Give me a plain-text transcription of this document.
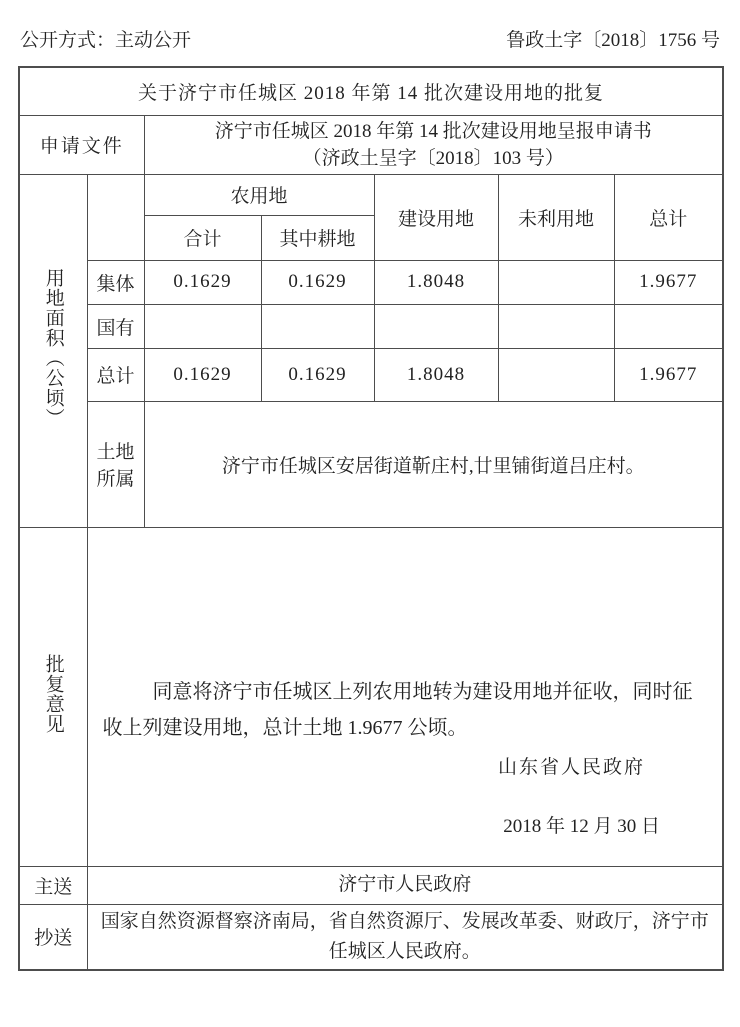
公开方式：主动公开	鲁政土字〔2018〕1756 号
关于济宁市任城区 2018 年第 14 批次建设用地的批复						
申请文件		济宁市任城区 2018 年第 14 批次建设用地呈报申请书
（济政土呈字〔2018〕103 号）				

用地面积（公顷）		农用地		建设用地	未利用地	总计
		合计	其中耕地			
	集体	0.1629	0.1629	1.8048		1.9677
	国有					
	总计	0.1629	0.1629	1.8048		1.9677
	土地所属	济宁市任城区安居街道靳庄村,廿里铺街道吕庄村。				
批复意见	同意将济宁市任城区上列农用地转为建设用地并征收，同时征收上列建设用地，总计土地 1.9677 公顷。
山东省人民政府
2018 年 12 月 30 日					

主送	济宁市人民政府					
抄送	国家自然资源督察济南局，省自然资源厅、发展改革委、财政厅，济宁市任城区人民政府。					
